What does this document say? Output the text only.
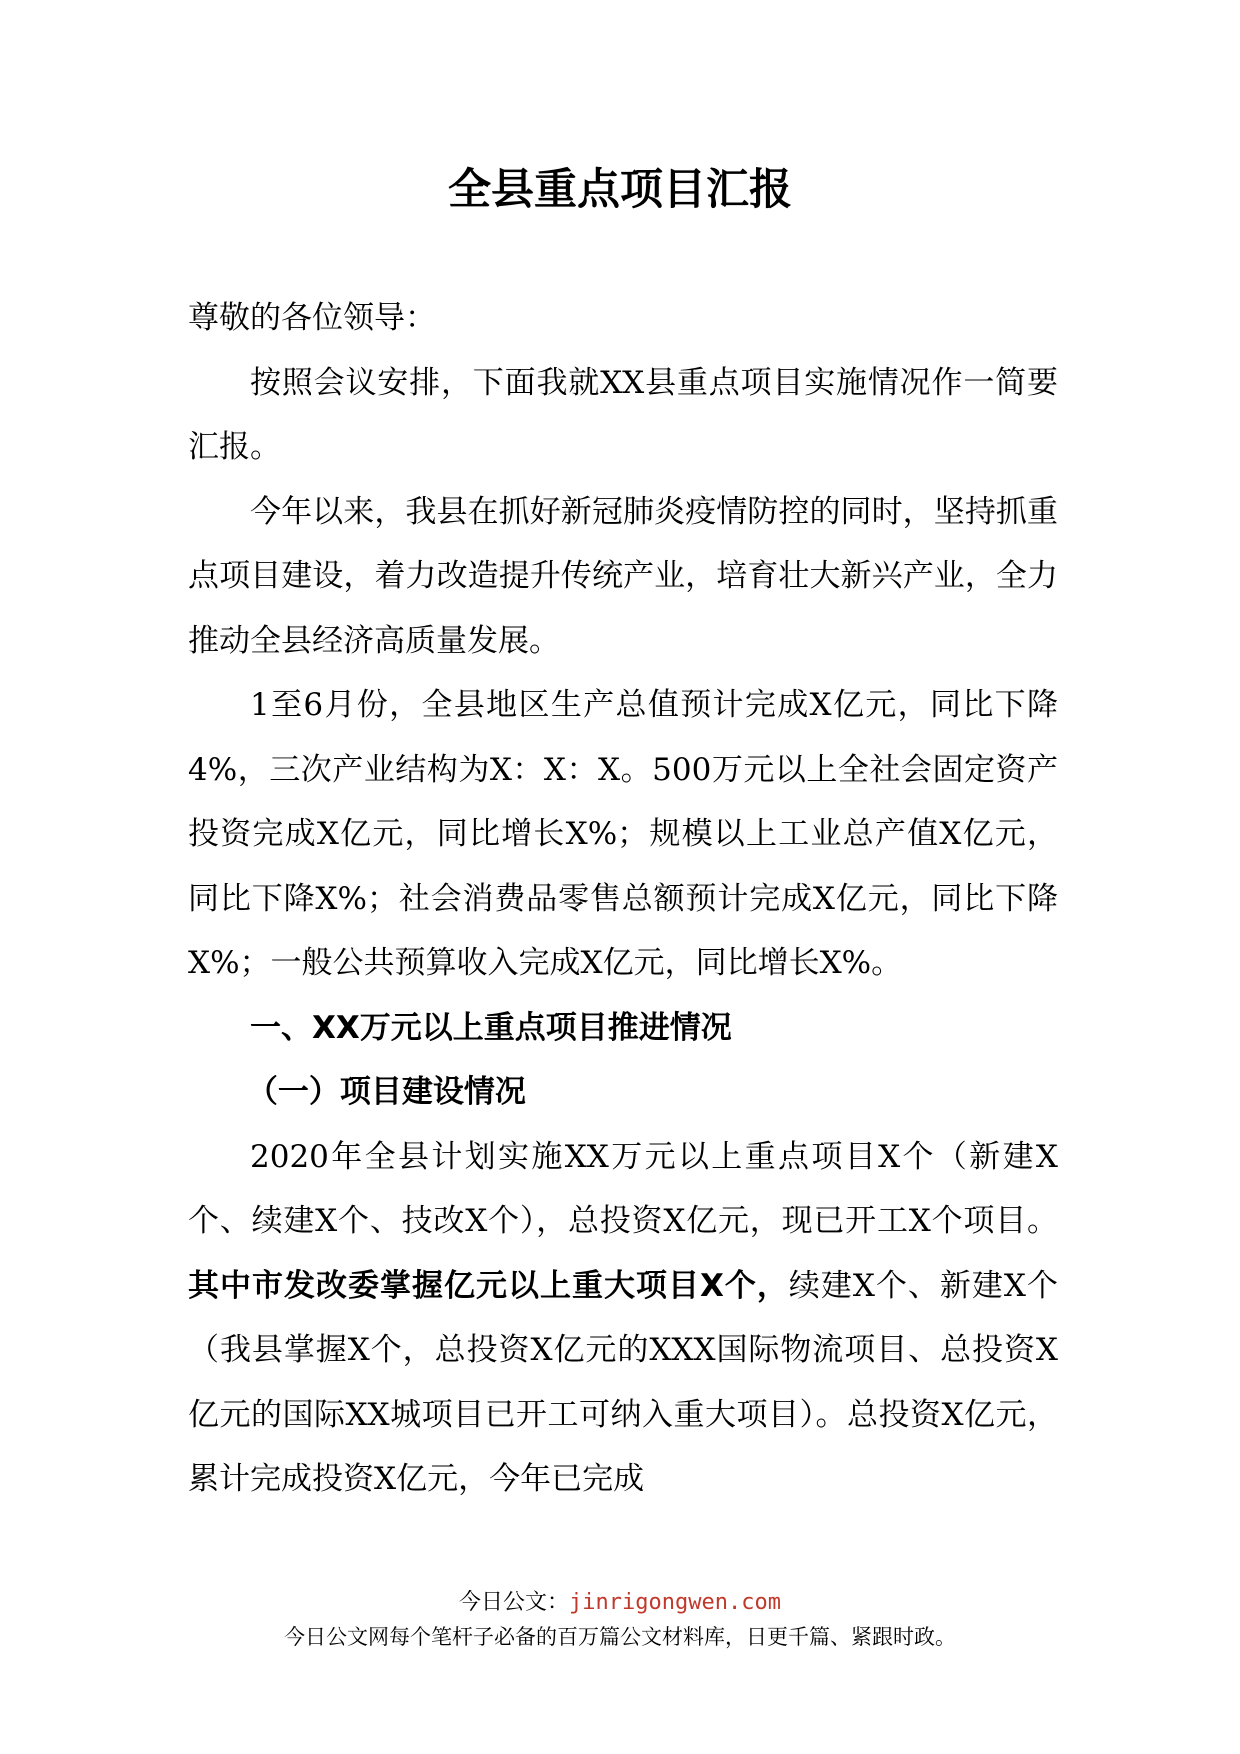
全县重点项目汇报

尊敬的各位领导：

按照会议安排，下面我就XX县重点项目实施情况作一简要汇报。

今年以来，我县在抓好新冠肺炎疫情防控的同时，坚持抓重点项目建设，着力改造提升传统产业，培育壮大新兴产业，全力推动全县经济高质量发展。

1至6月份，全县地区生产总值预计完成X亿元，同比下降4%，三次产业结构为X：X：X。500万元以上全社会固定资产投资完成X亿元，同比增长X%；规模以上工业总产值X亿元，同比下降X%；社会消费品零售总额预计完成X亿元，同比下降X%；一般公共预算收入完成X亿元，同比增长X%。

一、XX万元以上重点项目推进情况

（一）项目建设情况

2020年全县计划实施XX万元以上重点项目X个（新建X个、续建X个、技改X个），总投资X亿元，现已开工X个项目。其中市发改委掌握亿元以上重大项目X个，续建X个、新建X个（我县掌握X个，总投资X亿元的XXX国际物流项目、总投资X亿元的国际XX城项目已开工可纳入重大项目）。总投资X亿元，累计完成投资X亿元，今年已完成

今日公文：jinrigongwen.com
今日公文网每个笔杆子必备的百万篇公文材料库，日更千篇、紧跟时政。
